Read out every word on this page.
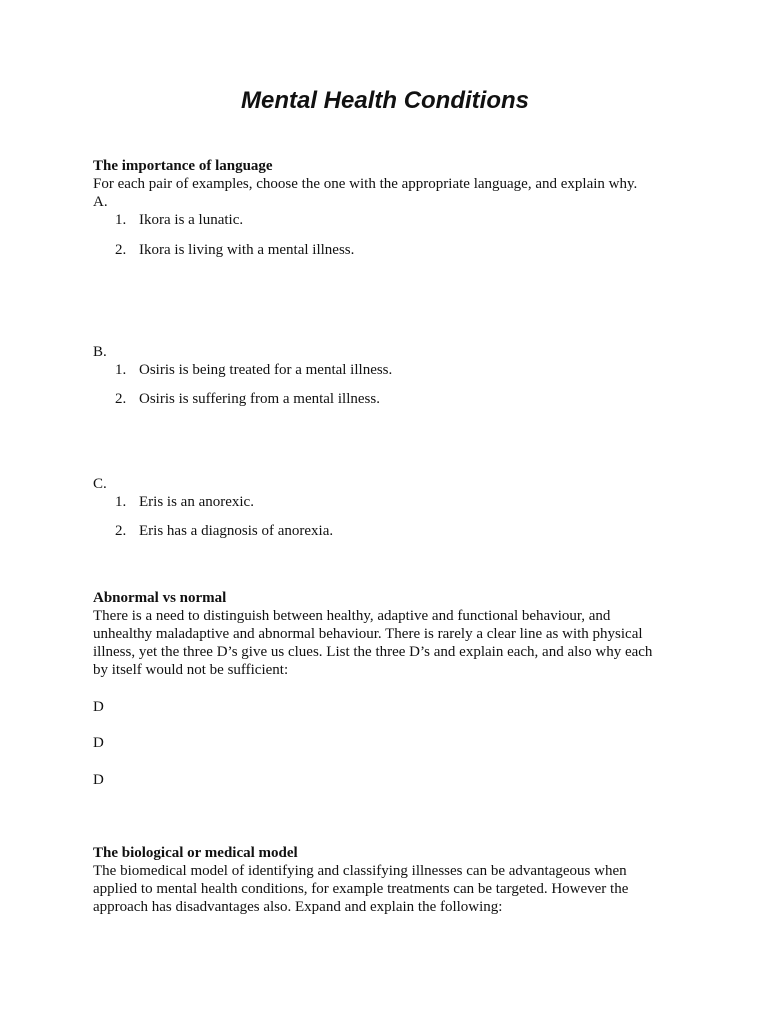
Mental Health Conditions
The importance of language
For each pair of examples, choose the one with the appropriate language, and explain why.
A.
1. Ikora is a lunatic.
2. Ikora is living with a mental illness.
B.
1. Osiris is being treated for a mental illness.
2. Osiris is suffering from a mental illness.
C.
1. Eris is an anorexic.
2. Eris has a diagnosis of anorexia.
Abnormal vs normal
There is a need to distinguish between healthy, adaptive and functional behaviour, and
unhealthy maladaptive and abnormal behaviour. There is rarely a clear line as with physical
illness, yet the three D’s give us clues. List the three D’s and explain each, and also why each
by itself would not be sufficient:
D
D
D
The biological or medical model
The biomedical model of identifying and classifying illnesses can be advantageous when
applied to mental health conditions, for example treatments can be targeted. However the
approach has disadvantages also. Expand and explain the following:
